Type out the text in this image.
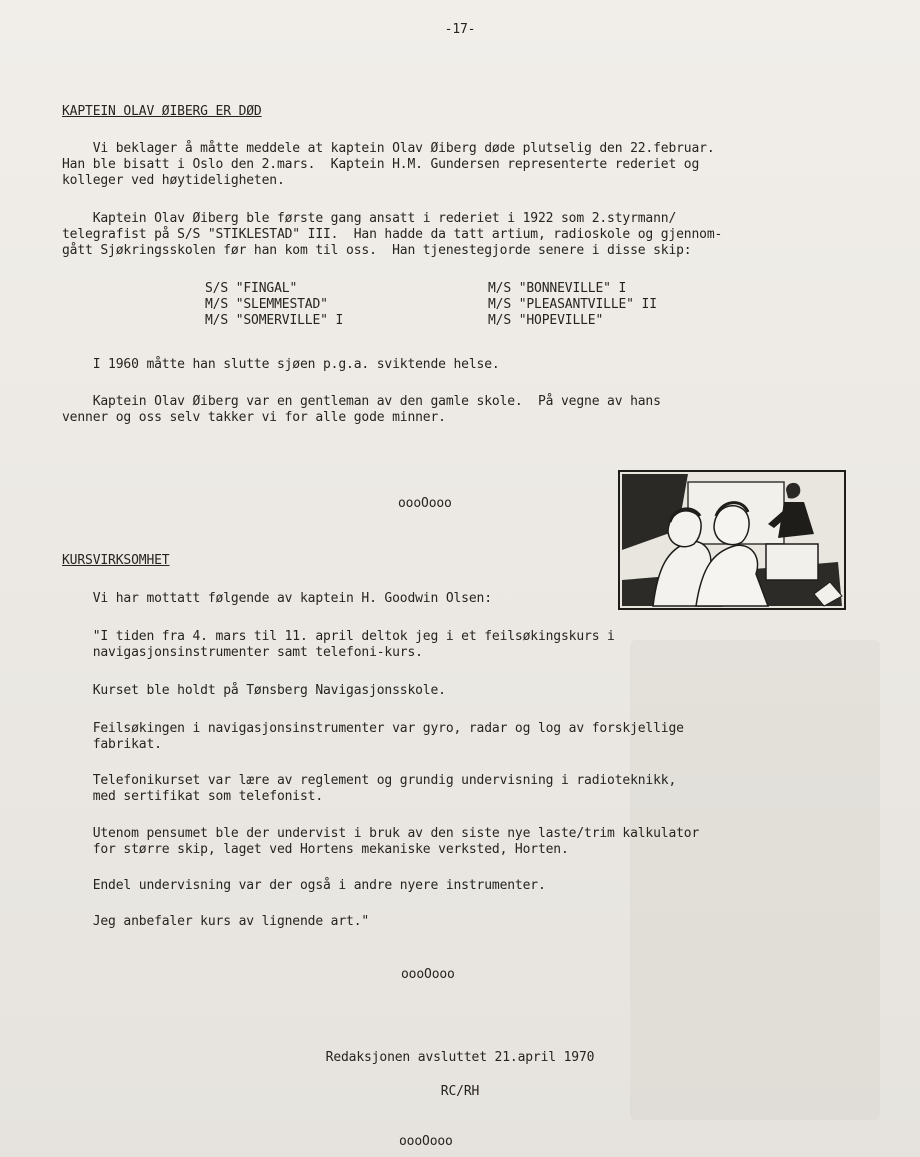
-17-
KAPTEIN OLAV ØIBERG ER DØD
Vi beklager å måtte meddele at kaptein Olav Øiberg døde plutselig den 22.februar.
Han ble bisatt i Oslo den 2.mars.  Kaptein H.M. Gundersen representerte rederiet og
kolleger ved høytideligheten.
Kaptein Olav Øiberg ble første gang ansatt i rederiet i 1922 som 2.styrmann/
telegrafist på S/S "STIKLESTAD" III.  Han hadde da tatt artium, radioskole og gjennom-
gått Sjøkringsskolen før han kom til oss.  Han tjenestegjorde senere i disse skip:
S/S "FINGAL"
M/S "SLEMMESTAD"
M/S "SOMERVILLE" I
M/S "BONNEVILLE" I
M/S "PLEASANTVILLE" II
M/S "HOPEVILLE"
I 1960 måtte han slutte sjøen p.g.a. sviktende helse.
Kaptein Olav Øiberg var en gentleman av den gamle skole.  På vegne av hans
venner og oss selv takker vi for alle gode minner.
oooOooo
KURSVIRKSOMHET
Vi har mottatt følgende av kaptein H. Goodwin Olsen:
"I tiden fra 4. mars til 11. april deltok jeg i et feilsøkingskurs i
navigasjonsinstrumenter samt telefoni-kurs.
Kurset ble holdt på Tønsberg Navigasjonsskole.
Feilsøkingen i navigasjonsinstrumenter var gyro, radar og log av forskjellige
fabrikat.
Telefonikurset var lære av reglement og grundig undervisning i radioteknikk,
med sertifikat som telefonist.
Utenom pensumet ble der undervist i bruk av den siste nye laste/trim kalkulator
for større skip, laget ved Hortens mekaniske verksted, Horten.
Endel undervisning var der også i andre nyere instrumenter.
Jeg anbefaler kurs av lignende art."
oooOooo
Redaksjonen avsluttet 21.april 1970
RC/RH
oooOooo
